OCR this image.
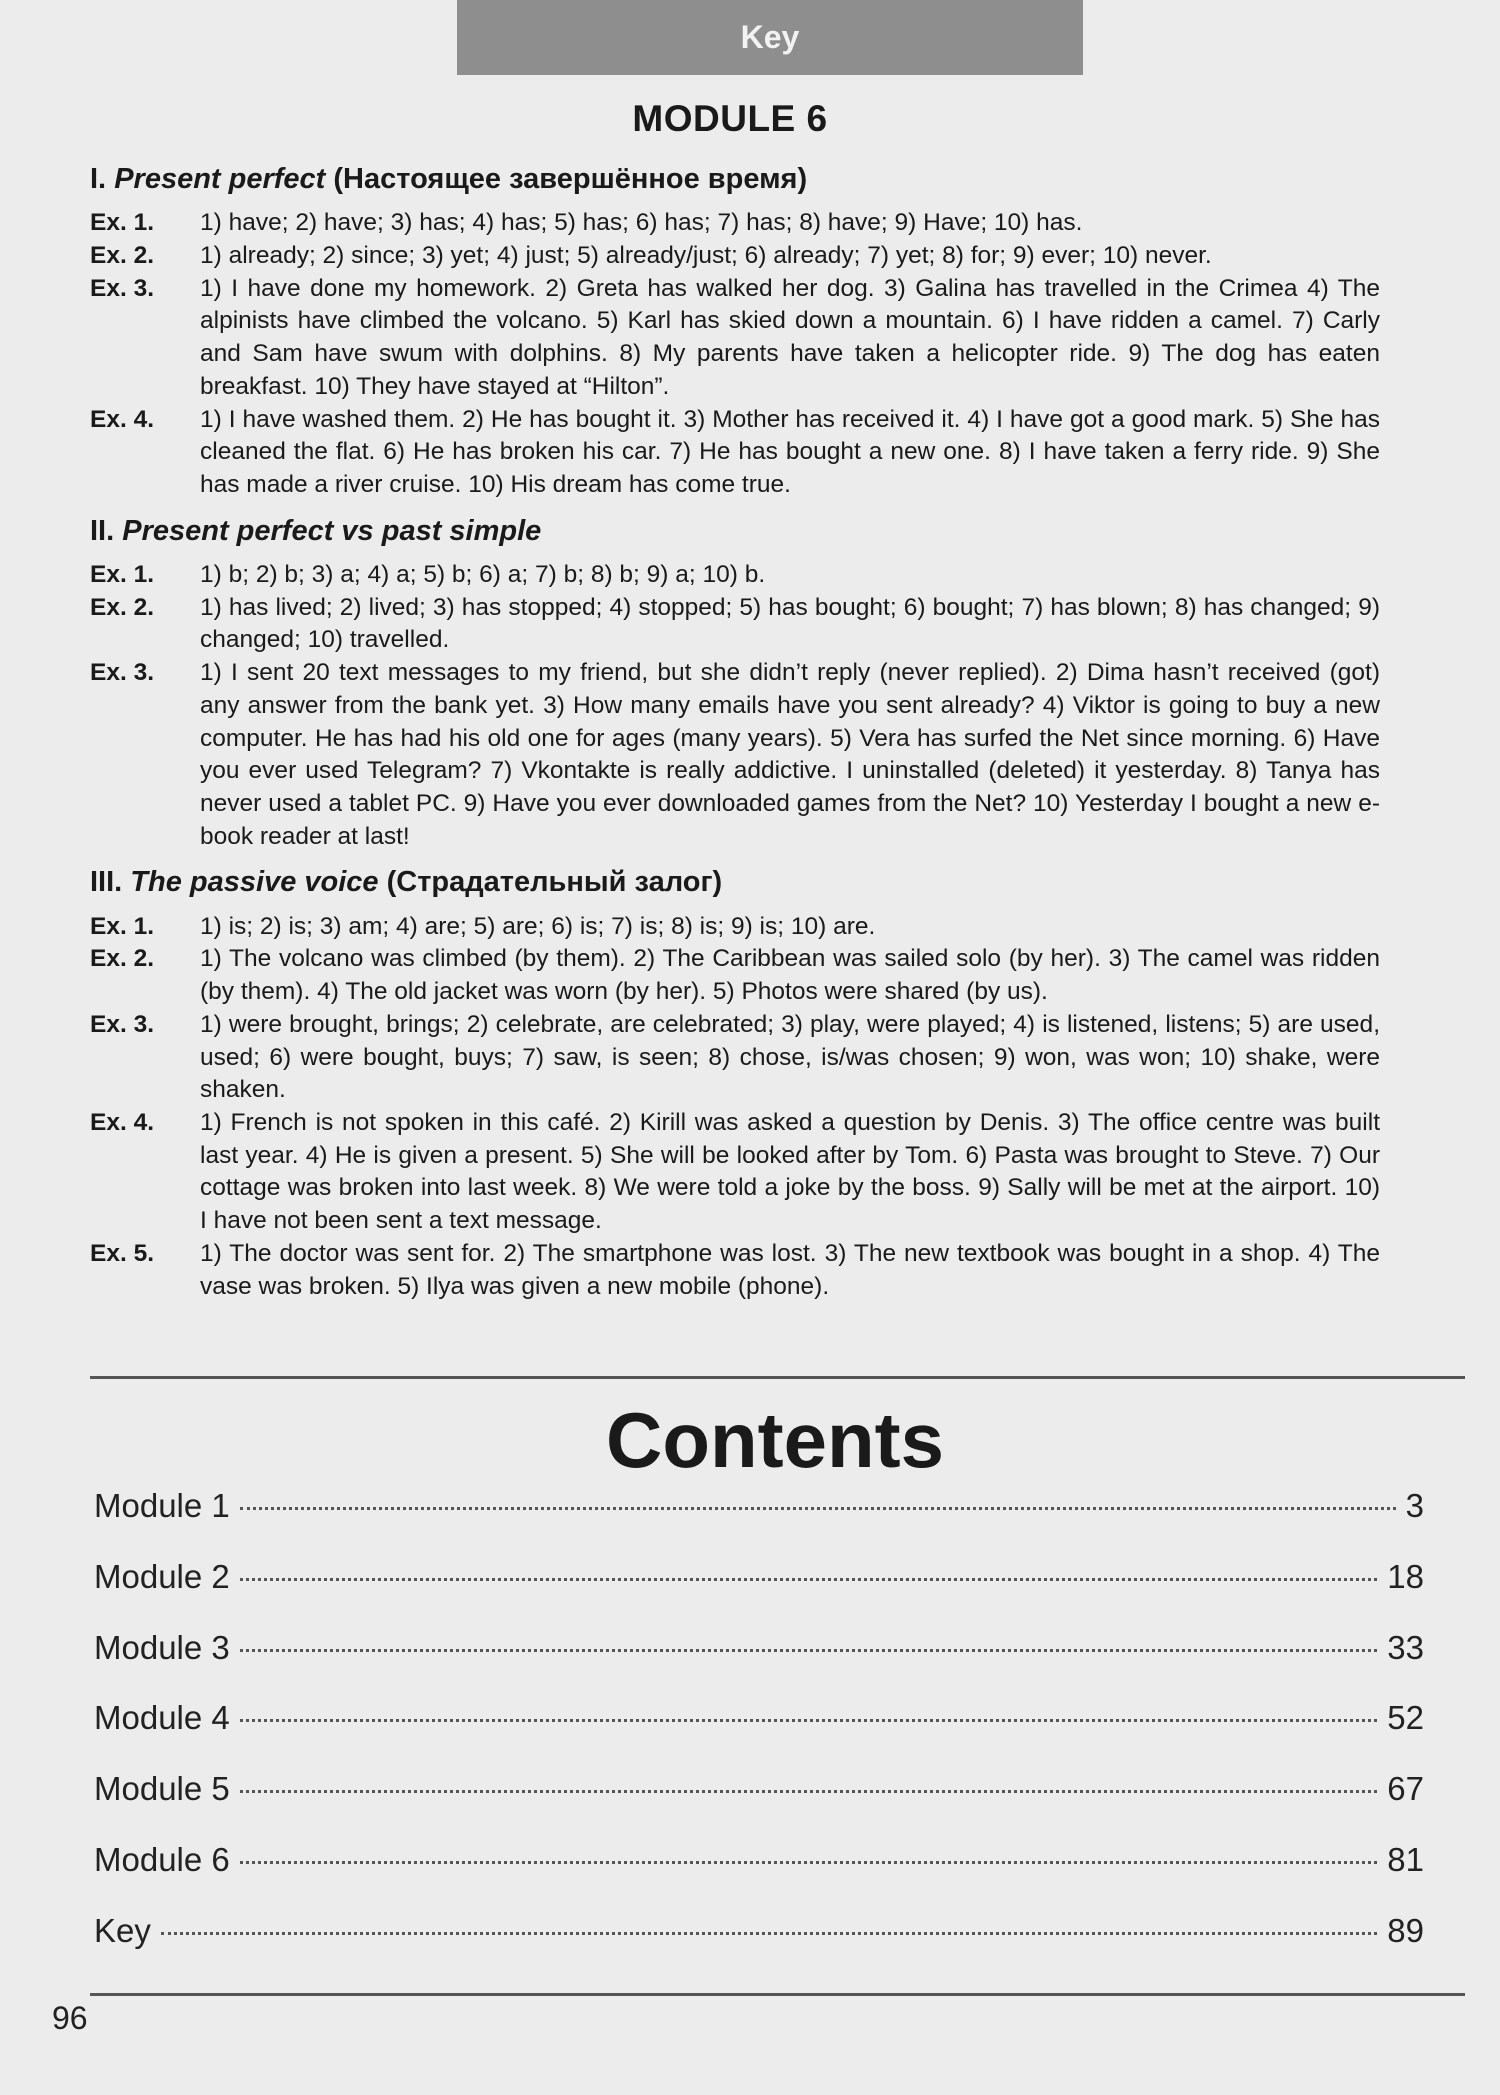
Key
MODULE 6
I. Present perfect (Настоящее завершённое время)
Ex. 1.	1) have; 2) have; 3) has; 4) has; 5) has; 6) has; 7) has; 8) have; 9) Have; 10) has.
Ex. 2.	1) already; 2) since; 3) yet; 4) just; 5) already/just; 6) already; 7) yet; 8) for; 9) ever; 10) never.
Ex. 3.	1) I have done my homework. 2) Greta has walked her dog. 3) Galina has travelled in the Crimea 4) The alpinists have climbed the volcano. 5) Karl has skied down a mountain. 6) I have ridden a camel. 7) Carly and Sam have swum with dolphins. 8) My parents have taken a helicopter ride. 9) The dog has eaten breakfast. 10) They have stayed at “Hilton”.
Ex. 4.	1) I have washed them. 2) He has bought it. 3) Mother has received it. 4) I have got a good mark. 5) She has cleaned the flat. 6) He has broken his car. 7) He has bought a new one. 8) I have taken a ferry ride. 9) She has made a river cruise. 10) His dream has come true.
II. Present perfect vs past simple
Ex. 1.	1) b; 2) b; 3) a; 4) a; 5) b; 6) a; 7) b; 8) b; 9) a; 10) b.
Ex. 2.	1) has lived; 2) lived; 3) has stopped; 4) stopped; 5) has bought; 6) bought; 7) has blown; 8) has changed; 9) changed; 10) travelled.
Ex. 3.	1) I sent 20 text messages to my friend, but she didn’t reply (never replied). 2) Dima hasn’t received (got) any answer from the bank yet. 3) How many emails have you sent already? 4) Viktor is going to buy a new computer. He has had his old one for ages (many years). 5) Vera has surfed the Net since morning. 6) Have you ever used Telegram? 7) Vkontakte is really addictive. I uninstalled (deleted) it yesterday. 8) Tanya has never used a tablet PC. 9) Have you ever downloaded games from the Net? 10) Yesterday I bought a new e-book reader at last!
III. The passive voice (Страдательный залог)
Ex. 1.	1) is; 2) is; 3) am; 4) are; 5) are; 6) is; 7) is; 8) is; 9) is; 10) are.
Ex. 2.	1) The volcano was climbed (by them). 2) The Caribbean was sailed solo (by her). 3) The camel was ridden (by them). 4) The old jacket was worn (by her). 5) Photos were shared (by us).
Ex. 3.	1) were brought, brings; 2) celebrate, are celebrated; 3) play, were played; 4) is listened, listens; 5) are used, used; 6) were bought, buys; 7) saw, is seen; 8) chose, is/was chosen; 9) won, was won; 10) shake, were shaken.
Ex. 4.	1) French is not spoken in this café. 2) Kirill was asked a question by Denis. 3) The office centre was built last year. 4) He is given a present. 5) She will be looked after by Tom. 6) Pasta was brought to Steve. 7) Our cottage was broken into last week. 8) We were told a joke by the boss. 9) Sally will be met at the airport. 10) I have not been sent a text message.
Ex. 5.	1) The doctor was sent for. 2) The smartphone was lost. 3) The new textbook was bought in a shop. 4) The vase was broken. 5) Ilya was given a new mobile (phone).
Contents
Module 1	3
Module 2	18
Module 3	33
Module 4	52
Module 5	67
Module 6	81
Key	89
96
